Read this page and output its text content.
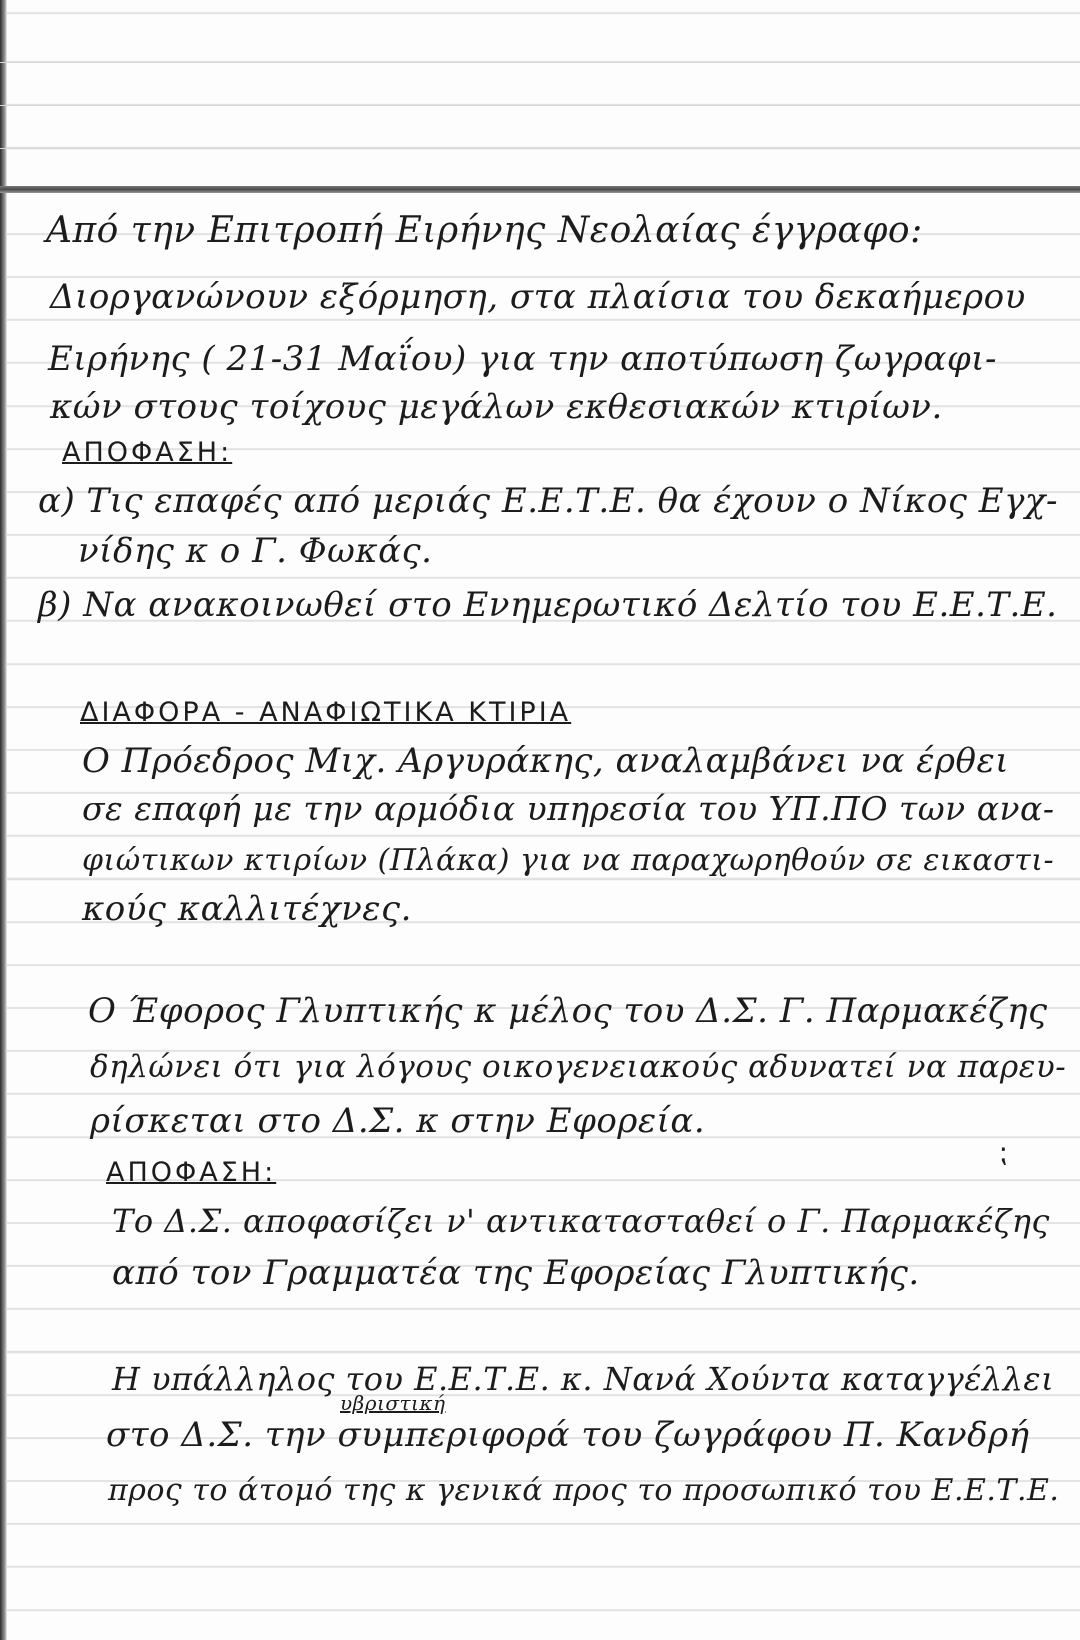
Από την Επιτροπή Ειρήνης Νεολαίας έγγραφο:
Διοργανώνουν εξόρμηση, στα πλαίσια του δεκαήμερου
Ειρήνης ( 21-31 Μαΐου) για την αποτύπωση ζωγραφι-
κών στους τοίχους μεγάλων εκθεσιακών κτιρίων.
ΑΠΟΦΑΣΗ:
α) Τις επαφές από μεριάς Ε.Ε.Τ.Ε. θα έχουν ο Νίκος Εγχ-
νίδης κ ο Γ. Φωκάς.
β) Να ανακοινωθεί στο Ενημερωτικό Δελτίο του Ε.Ε.Τ.Ε.
ΔΙΑΦΟΡΑ - ΑΝΑΦΙΩΤΙΚΑ ΚΤΙΡΙΑ
Ο Πρόεδρος Μιχ. Αργυράκης, αναλαμβάνει να έρθει
σε επαφή με την αρμόδια υπηρεσία του ΥΠ.ΠΟ των ανα-
φιώτικων κτιρίων (Πλάκα) για να παραχωρηθούν σε εικαστι-
κούς καλλιτέχνες.
Ο Έφορος Γλυπτικής κ μέλος του Δ.Σ. Γ. Παρμακέζης
δηλώνει ότι για λόγους οικογενειακούς αδυνατεί να παρευ-
ρίσκεται στο Δ.Σ. κ στην Εφορεία.
ΑΠΟΦΑΣΗ:
⁏
Το Δ.Σ. αποφασίζει ν' αντικατασταθεί ο Γ. Παρμακέζης
από τον Γραμματέα της Εφορείας Γλυπτικής.
Η υπάλληλος του Ε.Ε.Τ.Ε. κ. Νανά Χούντα καταγγέλλει
υβριστική
στο Δ.Σ. την συμπεριφορά του ζωγράφου Π. Κανδρή
προς το άτομό της κ γενικά προς το προσωπικό του Ε.Ε.Τ.Ε.
